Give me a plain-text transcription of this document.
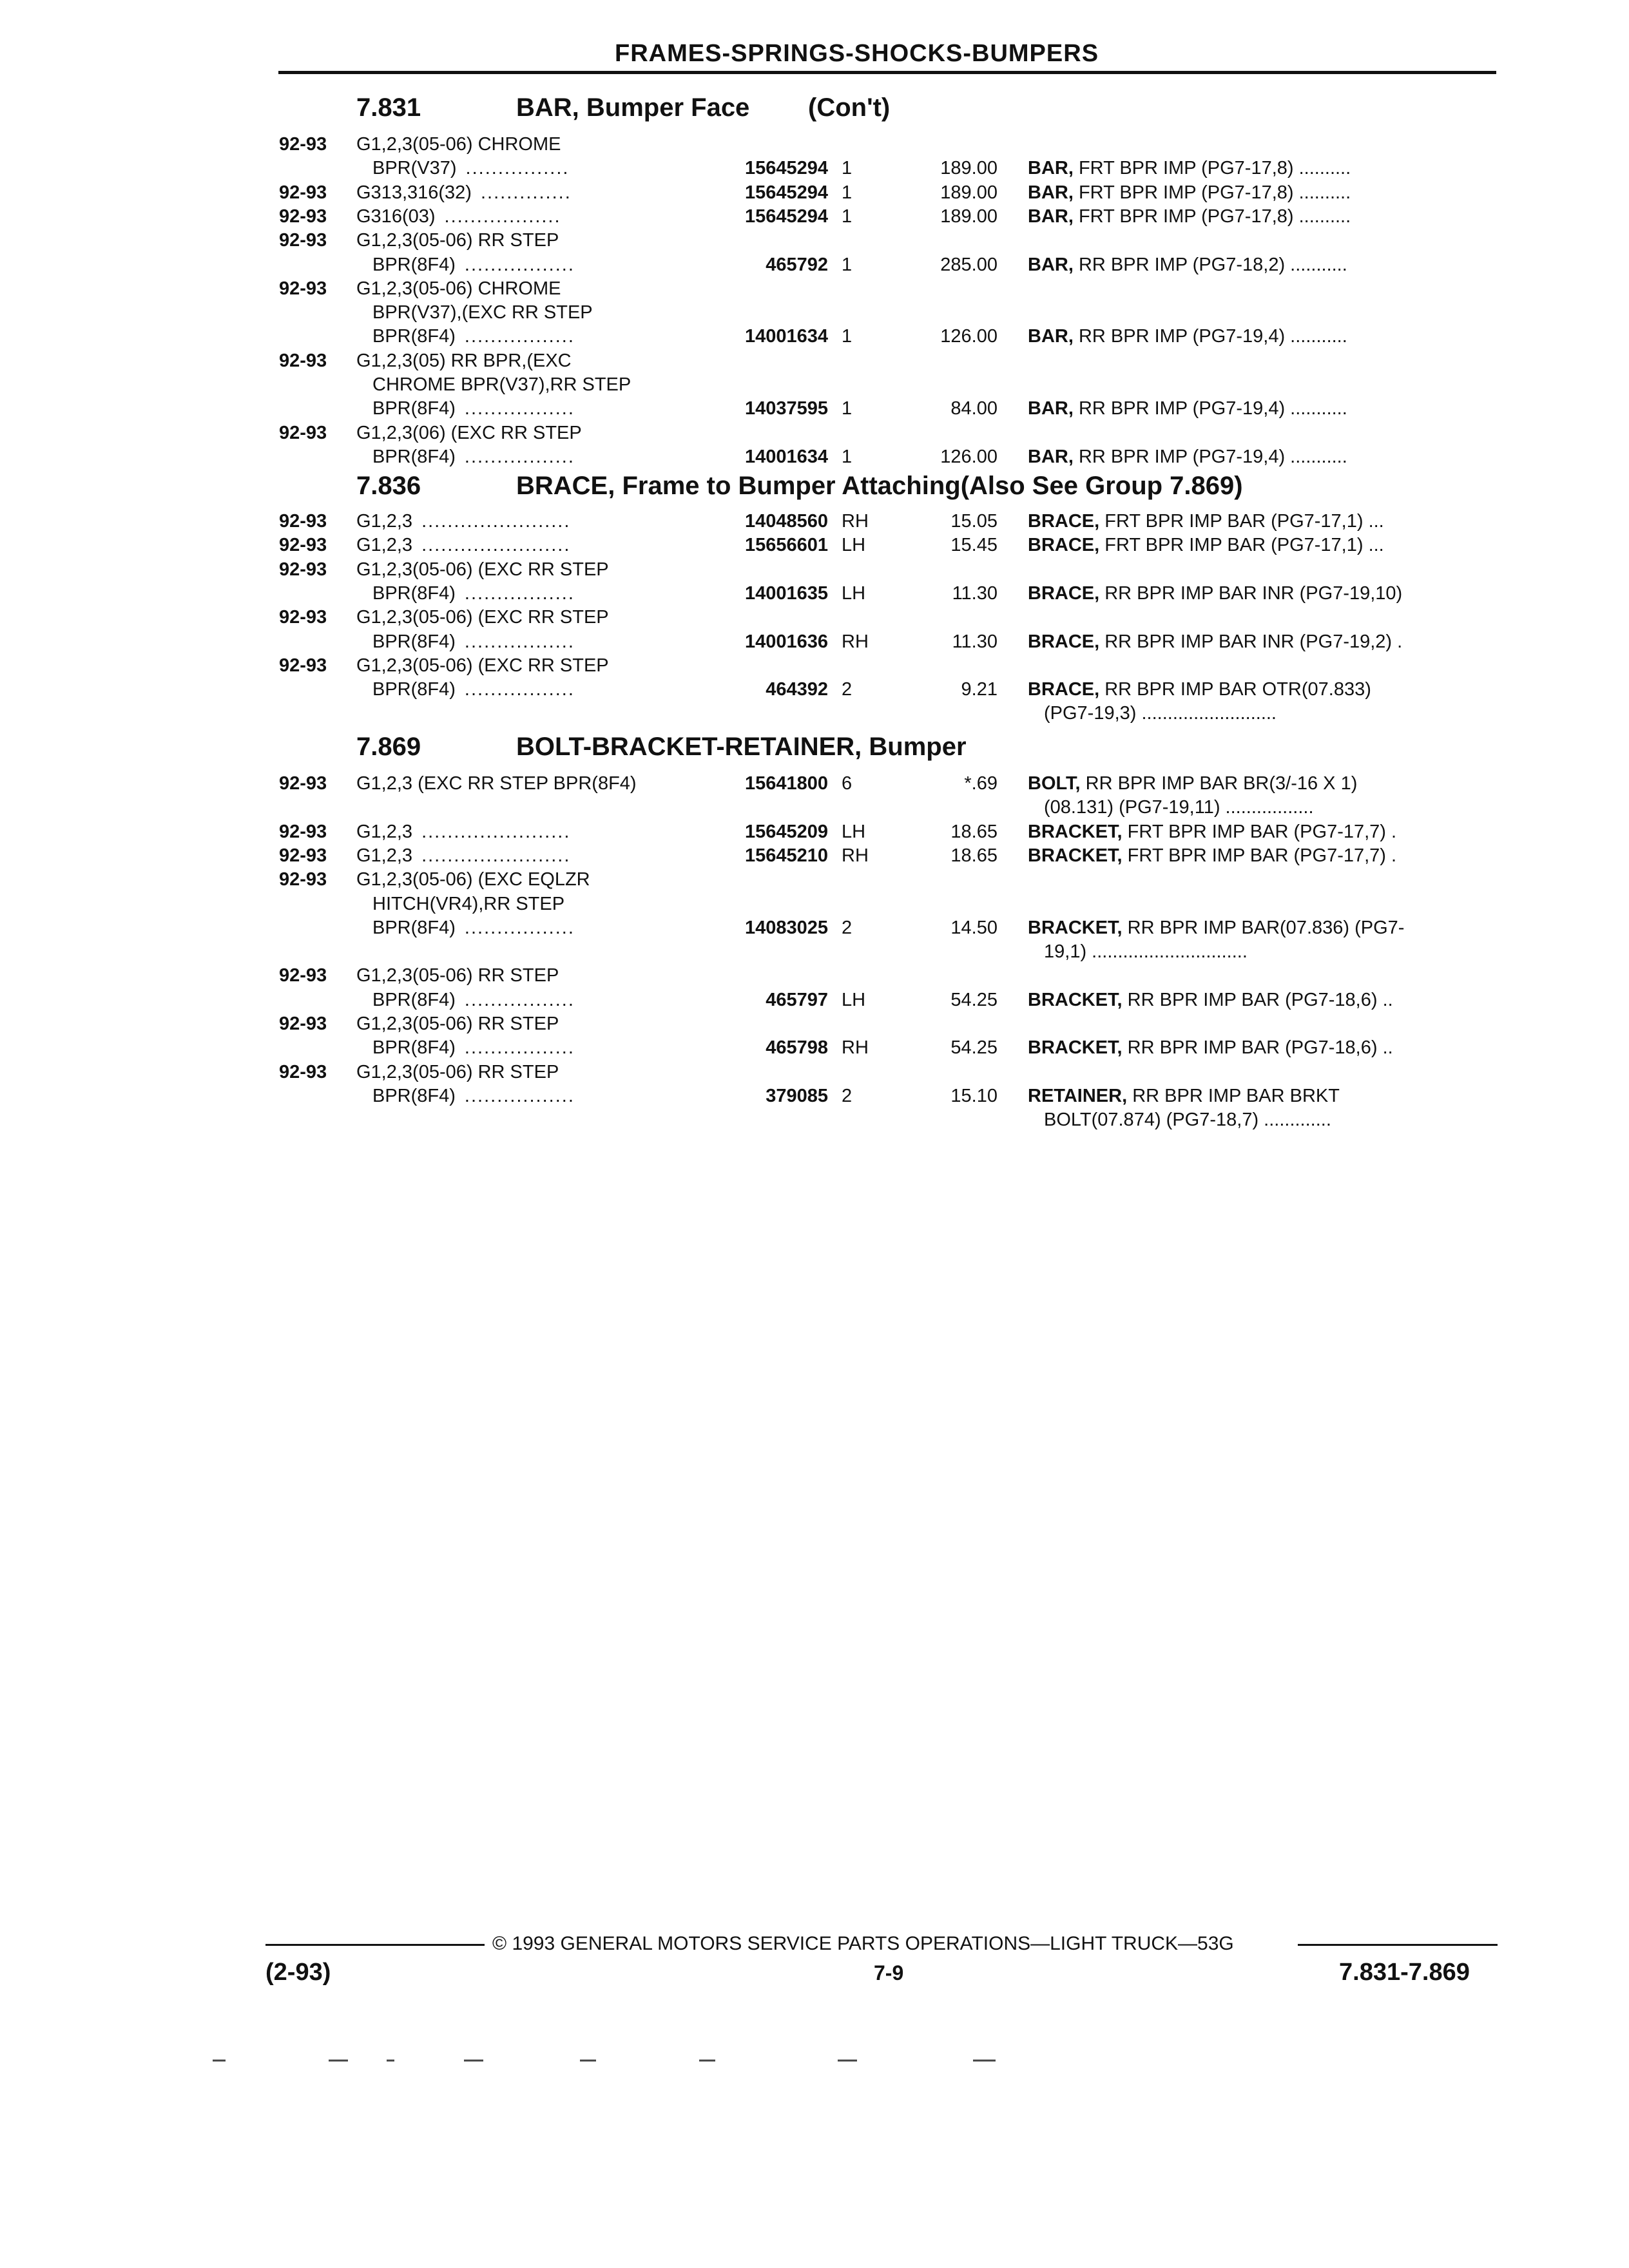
FRAMES-SPRINGS-SHOCKS-BUMPERS
7.831	BAR, Bumper Face (Con't)
92-93 G1,2,3(05-06) CHROME
BPR(V37) ................	15645294 1	189.00 BAR, FRT BPR IMP (PG7-17,8) ..........
92-93 G313,316(32) ..............	15645294 1	189.00 BAR, FRT BPR IMP (PG7-17,8) ..........
92-93 G316(03) ..................	15645294 1	189.00 BAR, FRT BPR IMP (PG7-17,8) ..........
92-93 G1,2,3(05-06) RR STEP
BPR(8F4) .................	465792 1	285.00 BAR, RR BPR IMP (PG7-18,2) ...........
92-93 G1,2,3(05-06) CHROME
BPR(V37),(EXC RR STEP
BPR(8F4) .................	14001634 1	126.00 BAR, RR BPR IMP (PG7-19,4) ...........
92-93 G1,2,3(05) RR BPR,(EXC
CHROME BPR(V37),RR STEP
BPR(8F4) .................	14037595 1	84.00 BAR, RR BPR IMP (PG7-19,4) ...........
92-93 G1,2,3(06) (EXC RR STEP
BPR(8F4) .................	14001634 1	126.00 BAR, RR BPR IMP (PG7-19,4) ...........
7.836	BRACE, Frame to Bumper Attaching(Also See Group 7.869)
92-93 G1,2,3 .......................	14048560 RH	15.05 BRACE, FRT BPR IMP BAR (PG7-17,1) ...
92-93 G1,2,3 .......................	15656601 LH	15.45 BRACE, FRT BPR IMP BAR (PG7-17,1) ...
92-93 G1,2,3(05-06) (EXC RR STEP
BPR(8F4) .................	14001635 LH	11.30 BRACE, RR BPR IMP BAR INR (PG7-19,10)
92-93 G1,2,3(05-06) (EXC RR STEP
BPR(8F4) .................	14001636 RH	11.30 BRACE, RR BPR IMP BAR INR (PG7-19,2) .
92-93 G1,2,3(05-06) (EXC RR STEP
BPR(8F4) .................	464392 2	9.21 BRACE, RR BPR IMP BAR OTR(07.833)
(PG7-19,3) ..........................
7.869	BOLT-BRACKET-RETAINER, Bumper
92-93 G1,2,3 (EXC RR STEP BPR(8F4)	15641800 6	*.69 BOLT, RR BPR IMP BAR BR(3/-16 X 1)
(08.131) (PG7-19,11) .................
92-93 G1,2,3 .......................	15645209 LH	18.65 BRACKET, FRT BPR IMP BAR (PG7-17,7) .
92-93 G1,2,3 .......................	15645210 RH	18.65 BRACKET, FRT BPR IMP BAR (PG7-17,7) .
92-93 G1,2,3(05-06) (EXC EQLZR
HITCH(VR4),RR STEP
BPR(8F4) .................	14083025 2	14.50 BRACKET, RR BPR IMP BAR(07.836) (PG7-
19,1) ..............................
92-93 G1,2,3(05-06) RR STEP
BPR(8F4) .................	465797 LH	54.25 BRACKET, RR BPR IMP BAR (PG7-18,6) ..
92-93 G1,2,3(05-06) RR STEP
BPR(8F4) .................	465798 RH	54.25 BRACKET, RR BPR IMP BAR (PG7-18,6) ..
92-93 G1,2,3(05-06) RR STEP
BPR(8F4) .................	379085 2	15.10 RETAINER, RR BPR IMP BAR BRKT
BOLT(07.874) (PG7-18,7) .............
© 1993 GENERAL MOTORS SERVICE PARTS OPERATIONS—LIGHT TRUCK—53G
(2-93)	7-9	7.831-7.869
